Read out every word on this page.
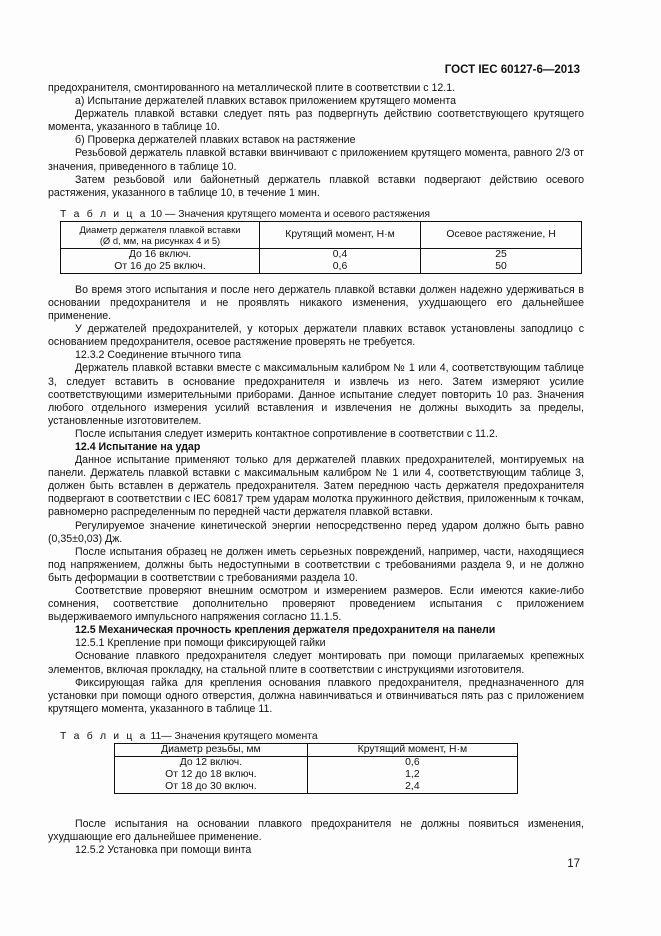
ГОСТ IEC 60127-6—2013

предохранителя, смонтированного на металлической плите в соответствии с 12.1.

а) Испытание держателей плавких вставок приложением крутящего момента

Держатель плавкой вставки следует пять раз подвергнуть действию соответствующего крутящего момента, указанного в таблице 10.

б) Проверка держателей плавких вставок на растяжение

Резьбовой держатель плавкой вставки ввинчивают с приложением крутящего момента, равного 2/3 от значения, приведенного в таблице 10.

Затем резьбовой или байонетный держатель плавкой вставки подвергают действию осевого растяжения, указанного в таблице 10, в течение 1 мин.

Т а б л и ц а 10 — Значения крутящего момента и осевого растяжения
Диаметр держателя плавкой вставки
(Ø d, мм, на рисунках 4 и 5)	Крутящий момент, Н·м	Осевое растяжение, Н
До 16 включ.	0,4	25
От 16 до 25 включ.	0,6	50

Во время этого испытания и после него держатель плавкой вставки должен надежно удерживаться в основании предохранителя и не проявлять никакого изменения, ухудшающего его дальнейшее применение.

У держателей предохранителей, у которых держатели плавких вставок установлены заподлицо с основанием предохранителя, осевое растяжение проверять не требуется.

12.3.2 Соединение втычного типа

Держатель плавкой вставки вместе с максимальным калибром № 1 или 4, соответствующим таблице 3, следует вставить в основание предохранителя и извлечь из него. Затем измеряют усилие соответствующими измерительными приборами. Данное испытание следует повторить 10 раз. Значения любого отдельного измерения усилий вставления и извлечения не должны выходить за пределы, установленные изготовителем.

После испытания следует измерить контактное сопротивление в соответствии с 11.2.

12.4 Испытание на удар

Данное испытание применяют только для держателей плавких предохранителей, монтируемых на панели. Держатель плавкой вставки с максимальным калибром № 1 или 4, соответствующим таблице 3, должен быть вставлен в держатель предохранителя. Затем переднюю часть держателя предохранителя подвергают в соответствии с IEC 60817 трем ударам молотка пружинного действия, приложенным к точкам, равномерно распределенным по передней части держателя плавкой вставки.

Регулируемое значение кинетической энергии непосредственно перед ударом должно быть равно (0,35±0,03) Дж.

После испытания образец не должен иметь серьезных повреждений, например, части, находящиеся под напряжением, должны быть недоступными в соответствии с требованиями раздела 9, и не должно быть деформации в соответствии с требованиями раздела 10.

Соответствие проверяют внешним осмотром и измерением размеров. Если имеются какие-либо сомнения, соответствие дополнительно проверяют проведением испытания с приложением выдерживаемого импульсного напряжения согласно 11.1.5.

12.5 Механическая прочность крепления держателя предохранителя на панели

12.5.1 Крепление при помощи фиксирующей гайки

Основание плавкого предохранителя следует монтировать при помощи прилагаемых крепежных элементов, включая прокладку, на стальной плите в соответствии с инструкциями изготовителя.

Фиксирующая гайка для крепления основания плавкого предохранителя, предназначенного для установки при помощи одного отверстия, должна навинчиваться и отвинчиваться пять раз с приложением крутящего момента, указанного в таблице 11.

Т а б л и ц а 11— Значения крутящего момента
Диаметр резьбы, мм	Крутящий момент, Н·м
До 12 включ.	0,6
От 12 до 18 включ.	1,2
От 18 до 30 включ.	2,4

После испытания на основании плавкого предохранителя не должны появиться изменения, ухудшающие его дальнейшее применение.

12.5.2 Установка при помощи винта

17
